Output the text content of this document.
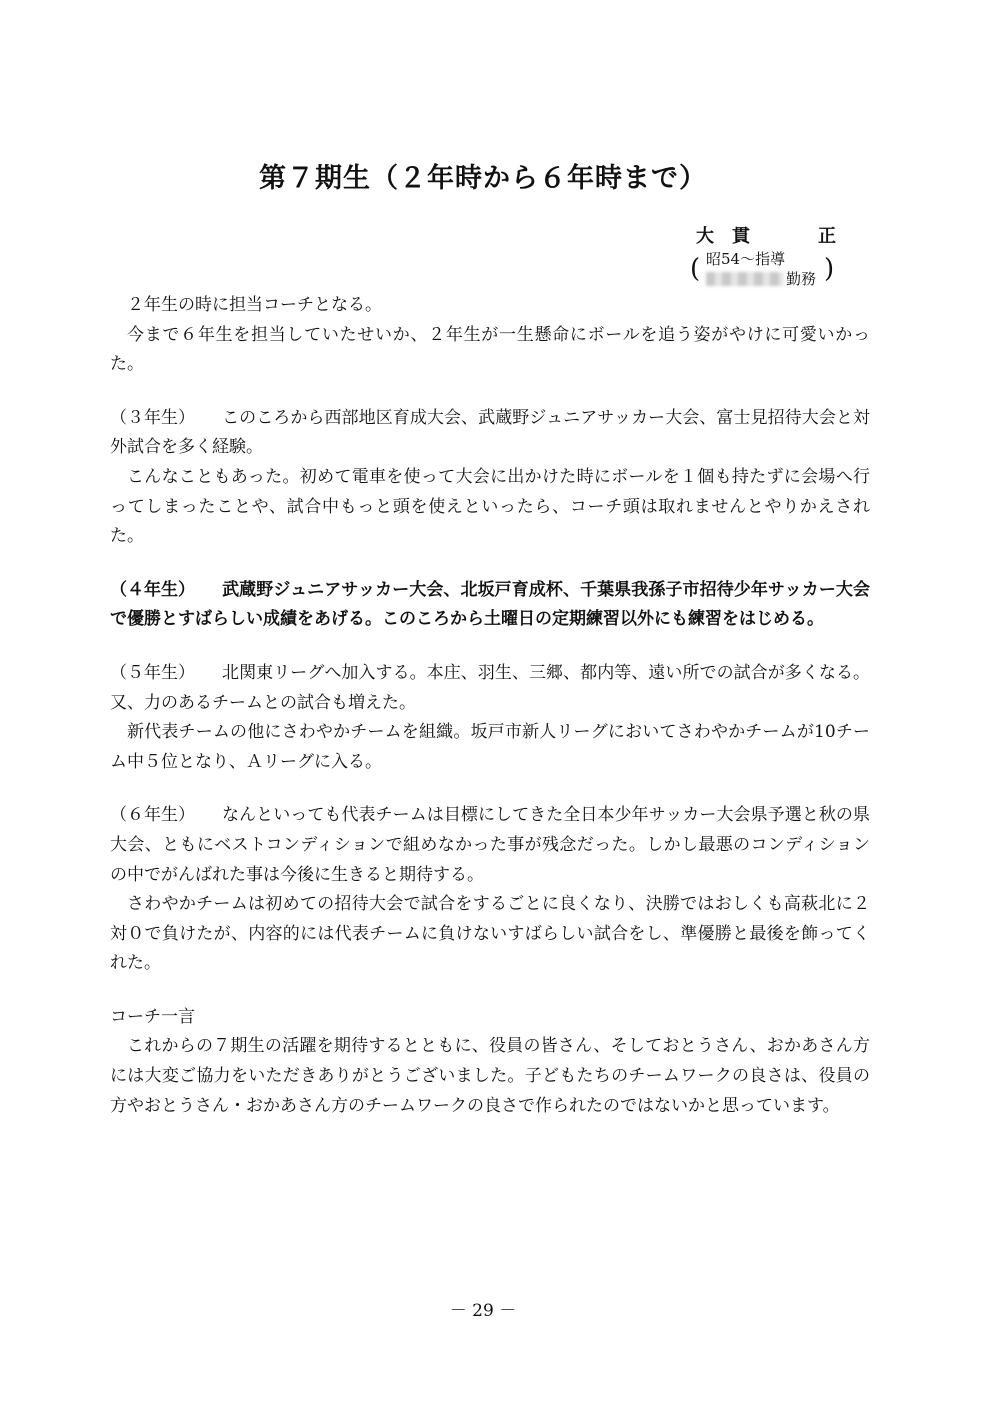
第７期生（２年時から６年時まで）
大　貫	正
( 昭54～指導
勤務 )

２年生の時に担当コーチとなる。

今まで６年生を担当していたせいか、２年生が一生懸命にボールを追う姿がやけに可愛いかった。

（３年生） このころから西部地区育成大会、武蔵野ジュニアサッカー大会、富士見招待大会と対外試合を多く経験。

こんなこともあった。初めて電車を使って大会に出かけた時にボールを１個も持たずに会場へ行ってしまったことや、試合中もっと頭を使えといったら、コーチ頭は取れませんとやりかえされた。

（４年生） 武蔵野ジュニアサッカー大会、北坂戸育成杯、千葉県我孫子市招待少年サッカー大会で優勝とすばらしい成績をあげる。このころから土曜日の定期練習以外にも練習をはじめる。

（５年生） 北関東リーグへ加入する。本庄、羽生、三郷、都内等、遠い所での試合が多くなる。又、力のあるチームとの試合も増えた。

新代表チームの他にさわやかチームを組織。坂戸市新人リーグにおいてさわやかチームが10チーム中５位となり、Ａリーグに入る。

（６年生） なんといっても代表チームは目標にしてきた全日本少年サッカー大会県予選と秋の県大会、ともにベストコンディションで組めなかった事が残念だった。しかし最悪のコンディションの中でがんばれた事は今後に生きると期待する。

さわやかチームは初めての招待大会で試合をするごとに良くなり、決勝ではおしくも高萩北に２対０で負けたが、内容的には代表チームに負けないすばらしい試合をし、準優勝と最後を飾ってくれた。

コーチ一言

これからの７期生の活躍を期待するとともに、役員の皆さん、そしておとうさん、おかあさん方には大変ご協力をいただきありがとうございました。子どもたちのチームワークの良さは、役員の方やおとうさん・おかあさん方のチームワークの良さで作られたのではないかと思っています。

－ 29 －
